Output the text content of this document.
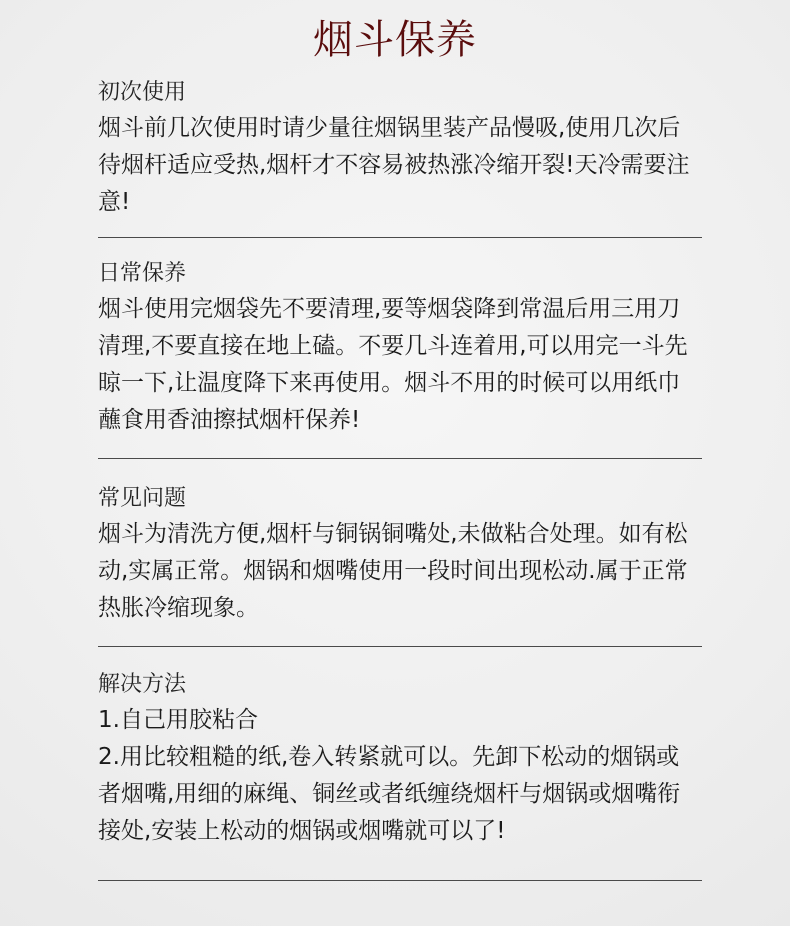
烟斗保养
初次使用

烟斗前几次使用时请少量往烟锅里装产品慢吸,使用几次后待烟杆适应受热,烟杆才不容易被热涨冷缩开裂!天冷需要注意!

日常保养

烟斗使用完烟袋先不要清理,要等烟袋降到常温后用三用刀清理,不要直接在地上磕。不要几斗连着用,可以用完一斗先晾一下,让温度降下来再使用。烟斗不用的时候可以用纸巾蘸食用香油擦拭烟杆保养!

常见问题

烟斗为清洗方便,烟杆与铜锅铜嘴处,未做粘合处理。如有松动,实属正常。烟锅和烟嘴使用一段时间出现松动.属于正常热胀冷缩现象。

解决方法

1.自己用胶粘合

2.用比较粗糙的纸,卷入转紧就可以。先卸下松动的烟锅或者烟嘴,用细的麻绳、铜丝或者纸缠绕烟杆与烟锅或烟嘴衔接处,安装上松动的烟锅或烟嘴就可以了!
